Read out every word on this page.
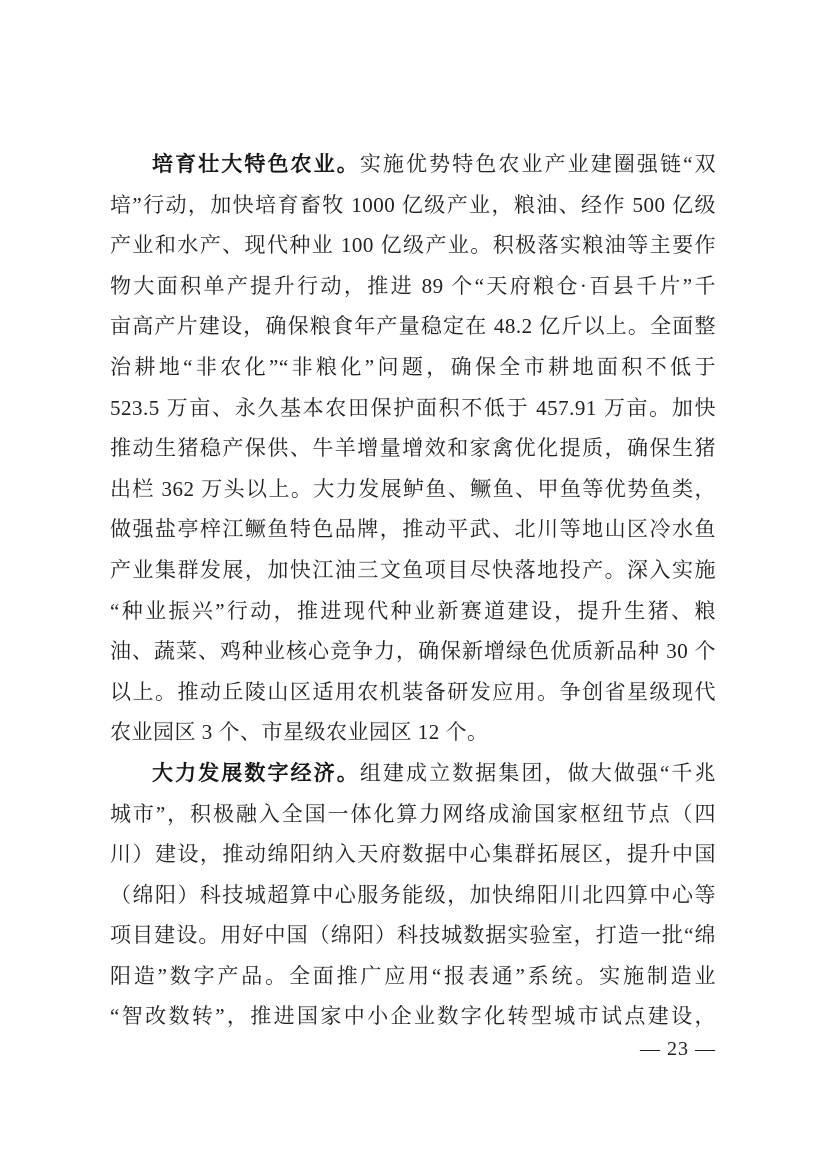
培育壮大特色农业。实施优势特色农业产业建圈强链“双
培”行动，加快培育畜牧 1000 亿级产业，粮油、经作 500 亿级
产业和水产、现代种业 100 亿级产业。积极落实粮油等主要作
物大面积单产提升行动，推进 89 个“天府粮仓·百县千片”千
亩高产片建设，确保粮食年产量稳定在 48.2 亿斤以上。全面整
治耕地“非农化”“非粮化”问题，确保全市耕地面积不低于
523.5 万亩、永久基本农田保护面积不低于 457.91 万亩。加快
推动生猪稳产保供、牛羊增量增效和家禽优化提质，确保生猪
出栏 362 万头以上。大力发展鲈鱼、鳜鱼、甲鱼等优势鱼类，
做强盐亭梓江鳜鱼特色品牌，推动平武、北川等地山区冷水鱼
产业集群发展，加快江油三文鱼项目尽快落地投产。深入实施
“种业振兴”行动，推进现代种业新赛道建设，提升生猪、粮
油、蔬菜、鸡种业核心竞争力，确保新增绿色优质新品种 30 个
以上。推动丘陵山区适用农机装备研发应用。争创省星级现代
农业园区 3 个、市星级农业园区 12 个。
大力发展数字经济。组建成立数据集团，做大做强“千兆
城市”，积极融入全国一体化算力网络成渝国家枢纽节点（四
川）建设，推动绵阳纳入天府数据中心集群拓展区，提升中国
（绵阳）科技城超算中心服务能级，加快绵阳川北四算中心等
项目建设。用好中国（绵阳）科技城数据实验室，打造一批“绵
阳造”数字产品。全面推广应用“报表通”系统。实施制造业
“智改数转”，推进国家中小企业数字化转型城市试点建设，
— 23 —
